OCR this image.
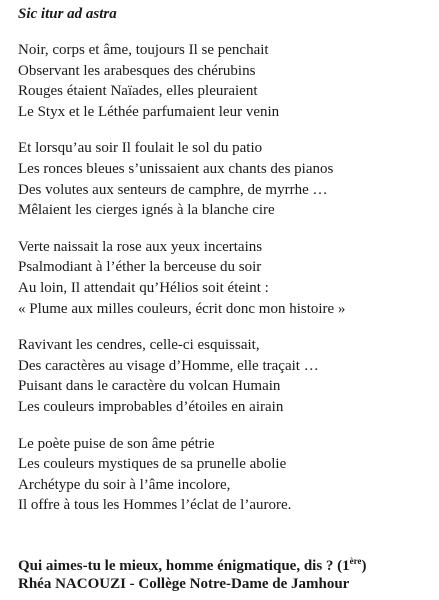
Sic itur ad astra
Noir, corps et âme, toujours Il se penchait
Observant les arabesques des chérubins
Rouges étaient Naïades, elles pleuraient
Le Styx et le Léthée parfumaient leur venin
Et lorsqu’au soir Il foulait le sol du patio
Les ronces bleues s’unissaient aux chants des pianos
Des volutes aux senteurs de camphre, de myrrhe …
Mêlaient les cierges ignés à la blanche cire
Verte naissait la rose aux yeux incertains
Psalmodiant à l’éther la berceuse du soir
Au loin, Il attendait qu’Hélios soit éteint :
« Plume aux milles couleurs, écrit donc mon histoire »
Ravivant les cendres, celle-ci esquissait,
Des caractères au visage d’Homme, elle traçait …
Puisant dans le caractère du volcan Humain
Les couleurs improbables d’étoiles en airain
Le poète puise de son âme pétrie
Les couleurs mystiques de sa prunelle abolie
Archétype du soir à l’âme incolore,
Il offre à tous les Hommes l’éclat de l’aurore.
Qui aimes-tu le mieux, homme énigmatique, dis ? (1ère)
Rhéa NACOUZI - Collège Notre-Dame de Jamhour
